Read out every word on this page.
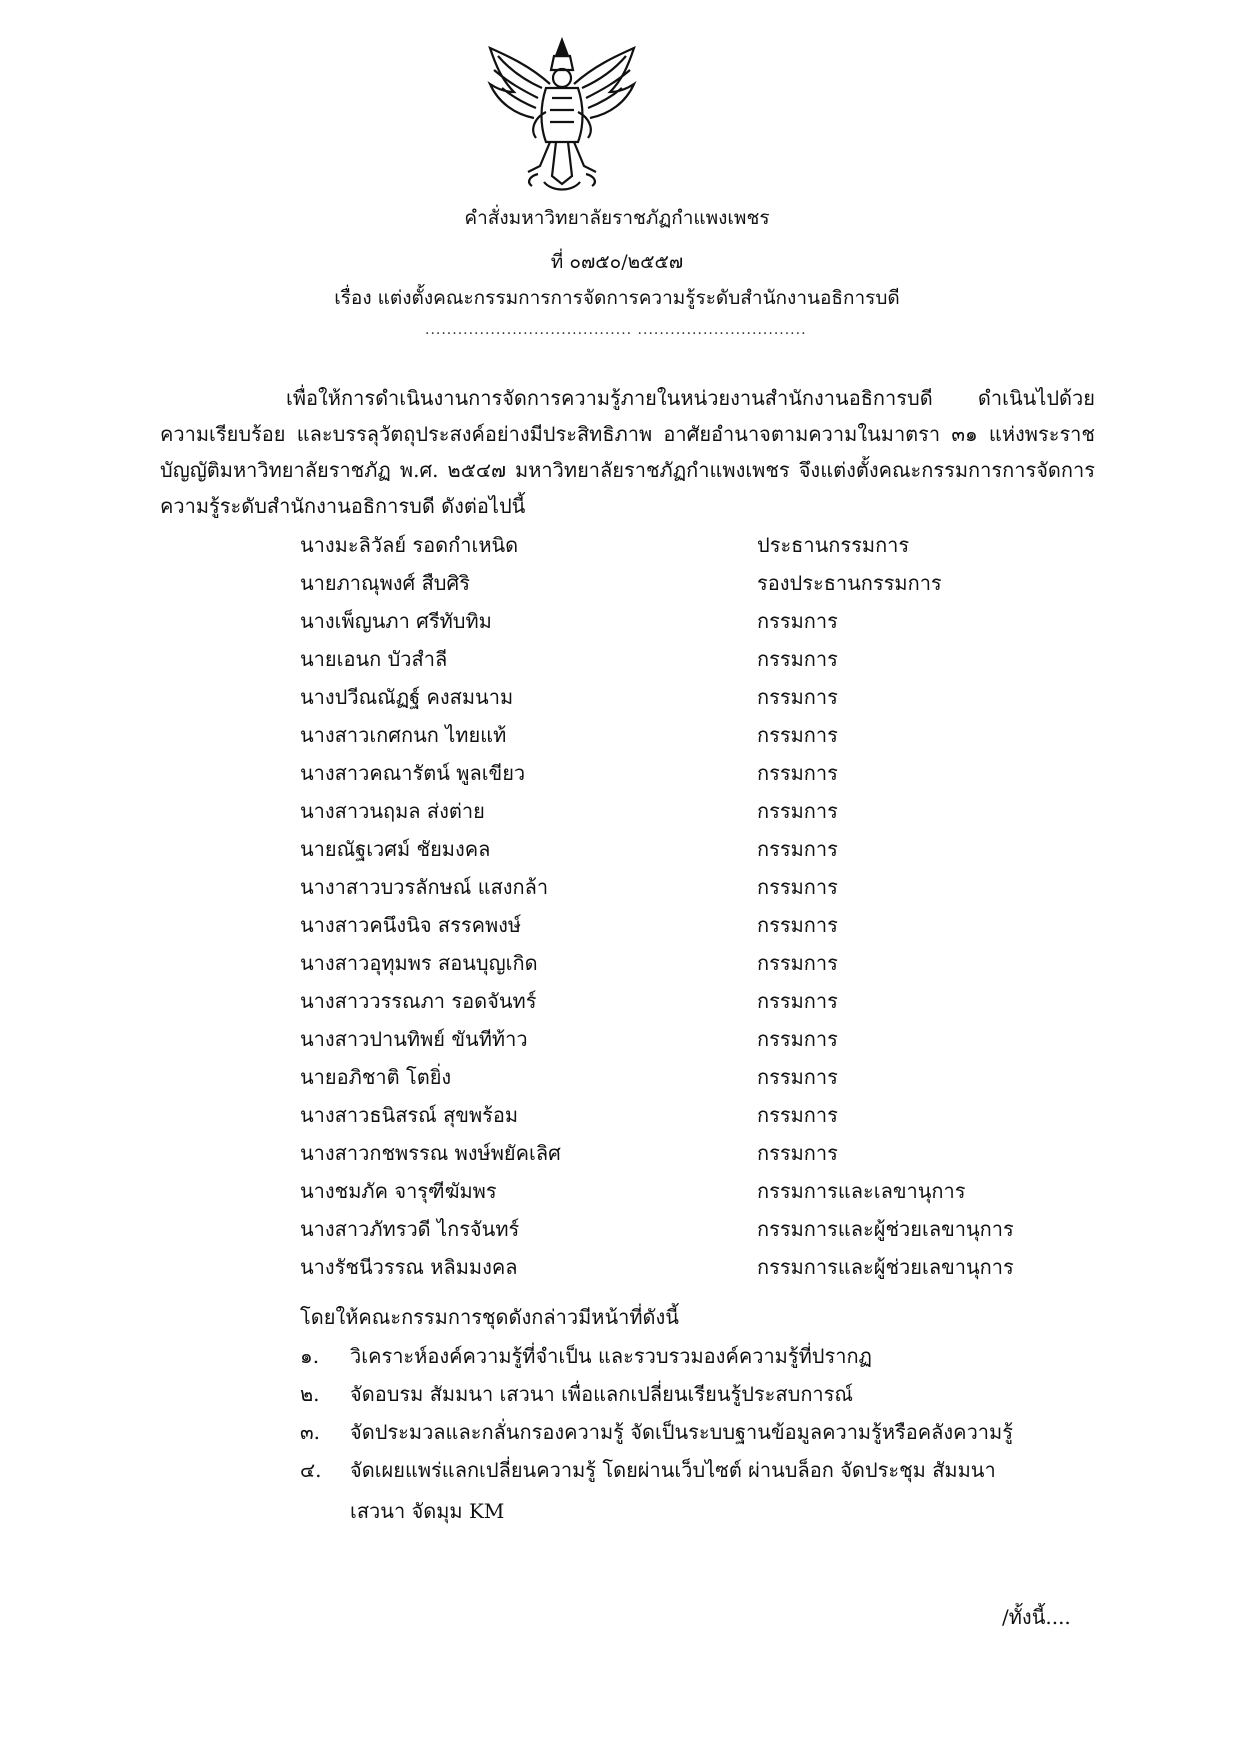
คำสั่งมหาวิทยาลัยราชภัฏกำแพงเพชร
ที่ ๐๗๕๐/๒๕๕๗
เรื่อง แต่งตั้งคณะกรรมการการจัดการความรู้ระดับสำนักงานอธิการบดี
...................................... ...............................
เพื่อให้การดำเนินงานการจัดการความรู้ภายในหน่วยงานสำนักงานอธิการบดี ดำเนินไปด้วยความเรียบร้อย และบรรลุวัตถุประสงค์อย่างมีประสิทธิภาพ อาศัยอำนาจตามความในมาตรา ๓๑ แห่งพระราชบัญญัติมหาวิทยาลัยราชภัฏ พ.ศ. ๒๕๔๗ มหาวิทยาลัยราชภัฏกำแพงเพชร จึงแต่งตั้งคณะกรรมการการจัดการความรู้ระดับสำนักงานอธิการบดี ดังต่อไปนี้
นางมะลิวัลย์ รอดกำเหนิด	ประธานกรรมการ
นายภาณุพงศ์ สืบศิริ	รองประธานกรรมการ
นางเพ็ญนภา ศรีทับทิม	กรรมการ
นายเอนก บัวสำลี	กรรมการ
นางปวีณณัฏฐ์ คงสมนาม	กรรมการ
นางสาวเกศกนก ไทยแท้	กรรมการ
นางสาวคณารัตน์ พูลเขียว	กรรมการ
นางสาวนฤมล ส่งต่าย	กรรมการ
นายณัฐเวศม์ ชัยมงคล	กรรมการ
นางาสาวบวรลักษณ์ แสงกล้า	กรรมการ
นางสาวคนึงนิจ สรรคพงษ์	กรรมการ
นางสาวอุทุมพร สอนบุญเกิด	กรรมการ
นางสาววรรณภา รอดจันทร์	กรรมการ
นางสาวปานทิพย์ ขันทีท้าว	กรรมการ
นายอภิชาติ โตยิ่ง	กรรมการ
นางสาวธนิสรณ์ สุขพร้อม	กรรมการ
นางสาวกชพรรณ พงษ์พยัคเลิศ	กรรมการ
นางชมภัค จารุฑีฆัมพร	กรรมการและเลขานุการ
นางสาวภัทรวดี ไกรจันทร์	กรรมการและผู้ช่วยเลขานุการ
นางรัชนีวรรณ หลิมมงคล	กรรมการและผู้ช่วยเลขานุการ
โดยให้คณะกรรมการชุดดังกล่าวมีหน้าที่ดังนี้
๑.	วิเคราะห์องค์ความรู้ที่จำเป็น และรวบรวมองค์ความรู้ที่ปรากฏ
๒.	จัดอบรม สัมมนา เสวนา เพื่อแลกเปลี่ยนเรียนรู้ประสบการณ์
๓. จัดประมวลและกลั่นกรองความรู้ จัดเป็นระบบฐานข้อมูลความรู้หรือคลังความรู้
๔. จัดเผยแพร่แลกเปลี่ยนความรู้ โดยผ่านเว็บไซต์ ผ่านบล็อก จัดประชุม สัมมนา
เสวนา จัดมุม KM
/ทั้งนี้....
